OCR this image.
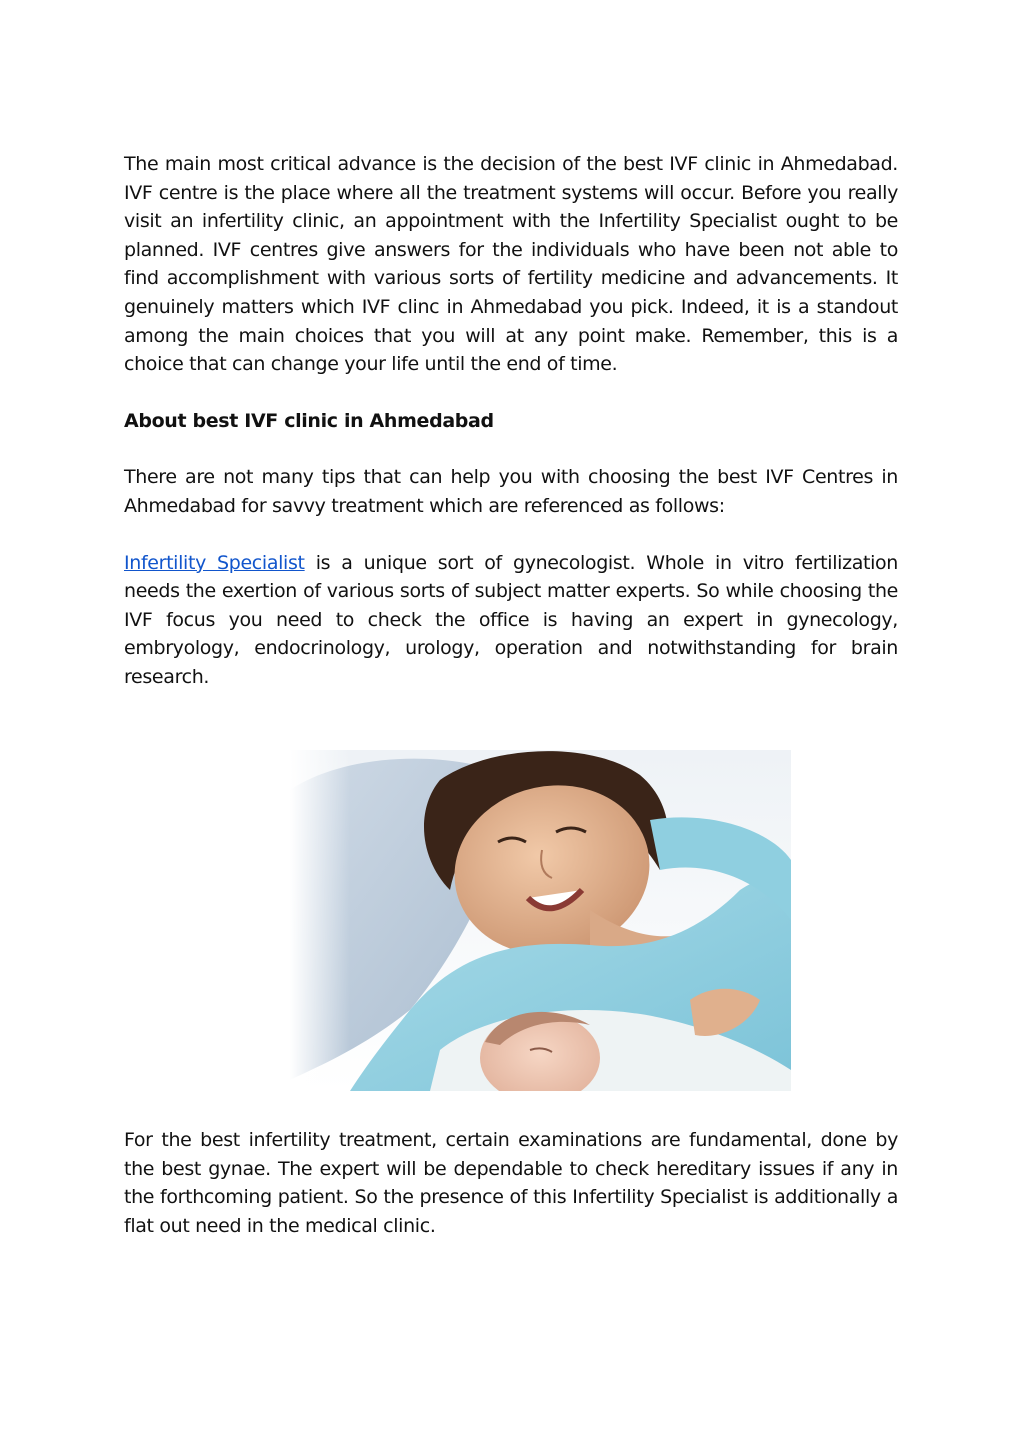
The main most critical advance is the decision of the best IVF clinic in Ahmedabad. IVF centre is the place where all the treatment systems will occur. Before you really visit an infertility clinic, an appointment with the Infertility Specialist ought to be planned. IVF centres give answers for the individuals who have been not able to find accomplishment with various sorts of fertility medicine and advancements. It genuinely matters which IVF clinc in Ahmedabad you pick. Indeed, it is a standout among the main choices that you will at any point make. Remember, this is a choice that can change your life until the end of time.

About best IVF clinic in Ahmedabad

There are not many tips that can help you with choosing the best IVF Centres in Ahmedabad for savvy treatment which are referenced as follows:

Infertility Specialist is a unique sort of gynecologist. Whole in vitro fertilization needs the exertion of various sorts of subject matter experts. So while choosing the IVF focus you need to check the office is having an expert in gynecology, embryology, endocrinology, urology, operation and notwithstanding for brain research.

For the best infertility treatment, certain examinations are fundamental, done by the best gynae. The expert will be dependable to check hereditary issues if any in the forthcoming patient. So the presence of this Infertility Specialist is additionally a flat out need in the medical clinic.
